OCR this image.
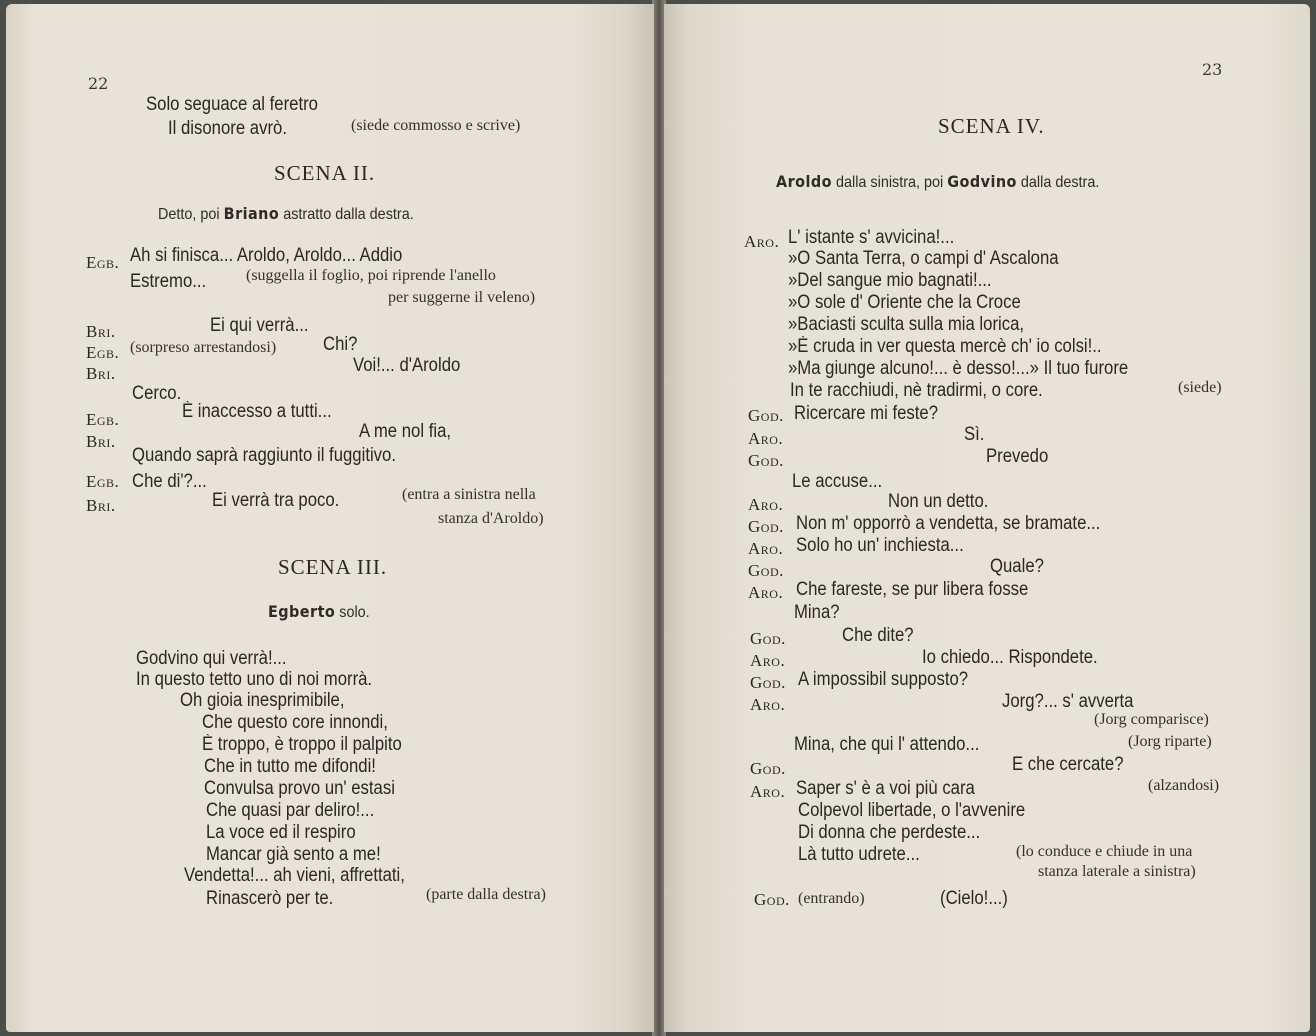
22
Solo seguace al feretro
Il disonore avrò.	(siede commosso e scrive)
SCENA II.
Detto, poi Briano astratto dalla destra.
Egb. Ah si finisca... Aroldo, Aroldo... Addio
Estremo... (suggella il foglio, poi riprende l'anello
per suggerne il veleno)
Bri.	Ei qui verrà...
Egb. (sorpreso arrestandosi) Chi?
Bri.	Voi!... d'Aroldo
Cerco.
Egb.	È inaccesso a tutti...
Bri.	A me nol fia,
Quando saprà raggiunto il fuggitivo.
Egb. Che di'?...
Bri.	Ei verrà tra poco.	(entra a sinistra nella
stanza d'Aroldo)
SCENA III.
Egberto solo.
Godvino qui verrà!...
In questo tetto uno di noi morrà.
Oh gioia inesprimibile,
Che questo core innondi,
È troppo, è troppo il palpito
Che in tutto me difondi!
Convulsa provo un' estasi
Che quasi par deliro!...
La voce ed il respiro
Mancar già sento a me!
Vendetta!... ah vieni, affrettati,
Rinascerò per te.	(parte dalla destra)
23
SCENA IV.
Aroldo dalla sinistra, poi Godvino dalla destra.
Aro. L' istante s' avvicina!...
»O Santa Terra, o campi d' Ascalona
»Del sangue mio bagnati!...
»O sole d' Oriente che la Croce
»Baciasti sculta sulla mia lorica,
»È cruda in ver questa mercè ch' io colsi!..
»Ma giunge alcuno!... è desso!...» Il tuo furore
In te racchiudi, nè tradirmi, o core.	(siede)
God. Ricercare mi feste?
Aro.	Sì.
God.	Prevedo
Le accuse...
Aro.	Non un detto.
God. Non m' opporrò a vendetta, se bramate...
Aro. Solo ho un' inchiesta...
God.	Quale?
Aro. Che fareste, se pur libera fosse
Mina?
God.	Che dite?
Aro.	Io chiedo... Rispondete.
God. A impossibil supposto?
Aro.	Jorg?... s' avverta
(Jorg comparisce)
Mina, che qui l' attendo...	(Jorg riparte)
God.	E che cercate?
Aro. Saper s' è a voi più cara	(alzandosi)
Colpevol libertade, o l'avvenire
Di donna che perdeste...
Là tutto udrete...	(lo conduce e chiude in una
stanza laterale a sinistra)
God. (entrando)	(Cielo!...)
